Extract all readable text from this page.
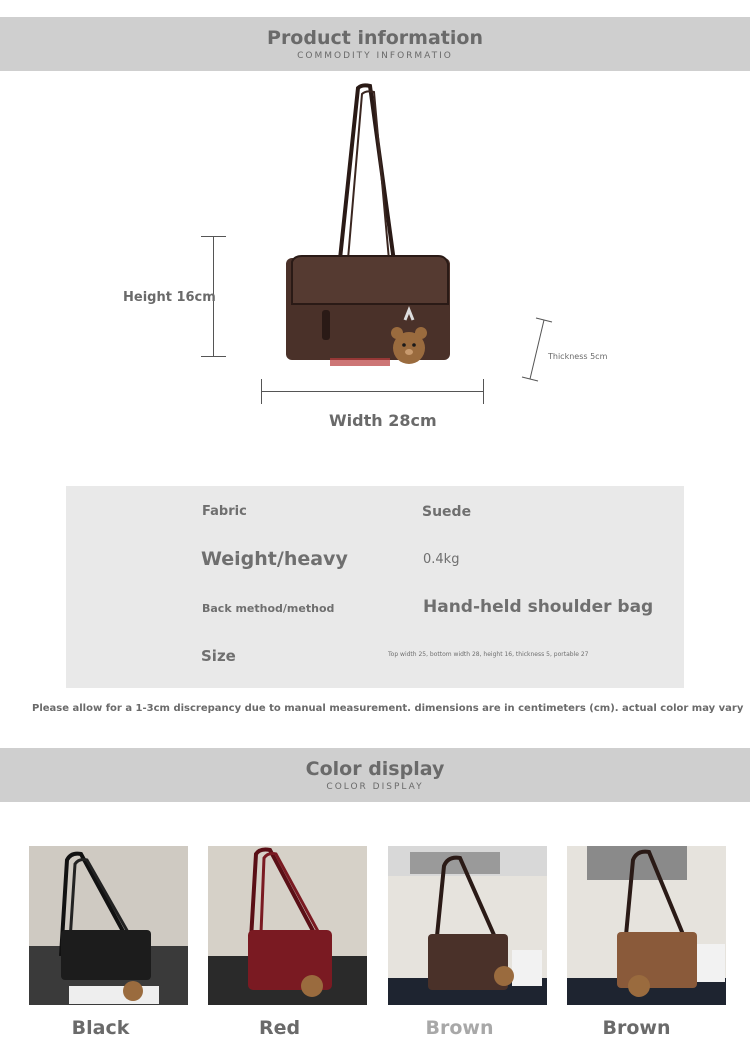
Product information
COMMODITY INFORMATIO
Height 16cm
Width 28cm
Thickness 5cm
Fabric	Suede
Weight/heavy	0.4kg
Back method/method	Hand-held shoulder bag
Size	Top width 25, bottom width 28, height 16, thickness 5, portable 27
Please allow for a 1-3cm discrepancy due to manual measurement. dimensions are in centimeters (cm). actual color may vary
Color display
COLOR DISPLAY
Black	Red	Brown	Brown
